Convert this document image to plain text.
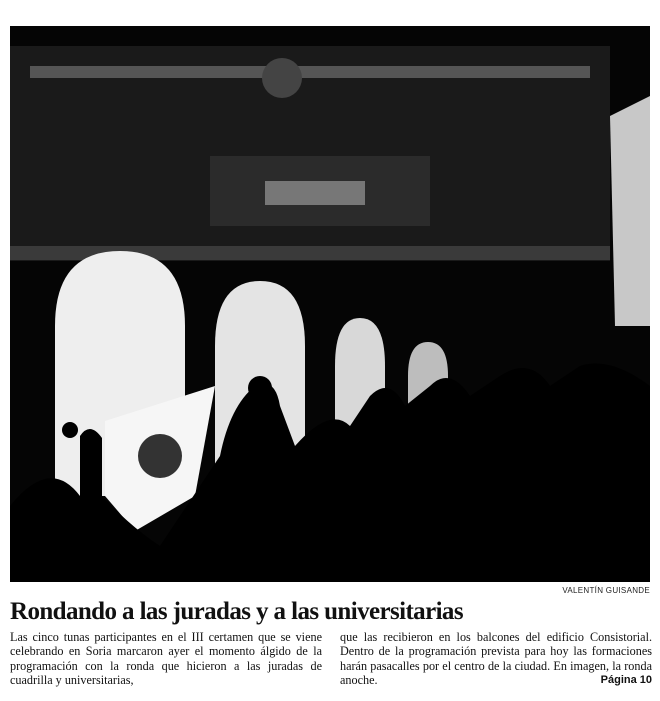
VALENTÍN GUISANDE
Rondando a las juradas y a las universitarias

Las cinco tunas participantes en el III certamen que se viene celebrando en Soria marcaron ayer el momento álgido de la programación con la ronda que hicieron a las juradas de cuadrilla y universitarias,

que las recibieron en los balcones del edificio Consistorial. Dentro de la programación prevista para hoy las formaciones harán pasacalles por el centro de la ciudad. En imagen, la ronda anoche.	Página 10
